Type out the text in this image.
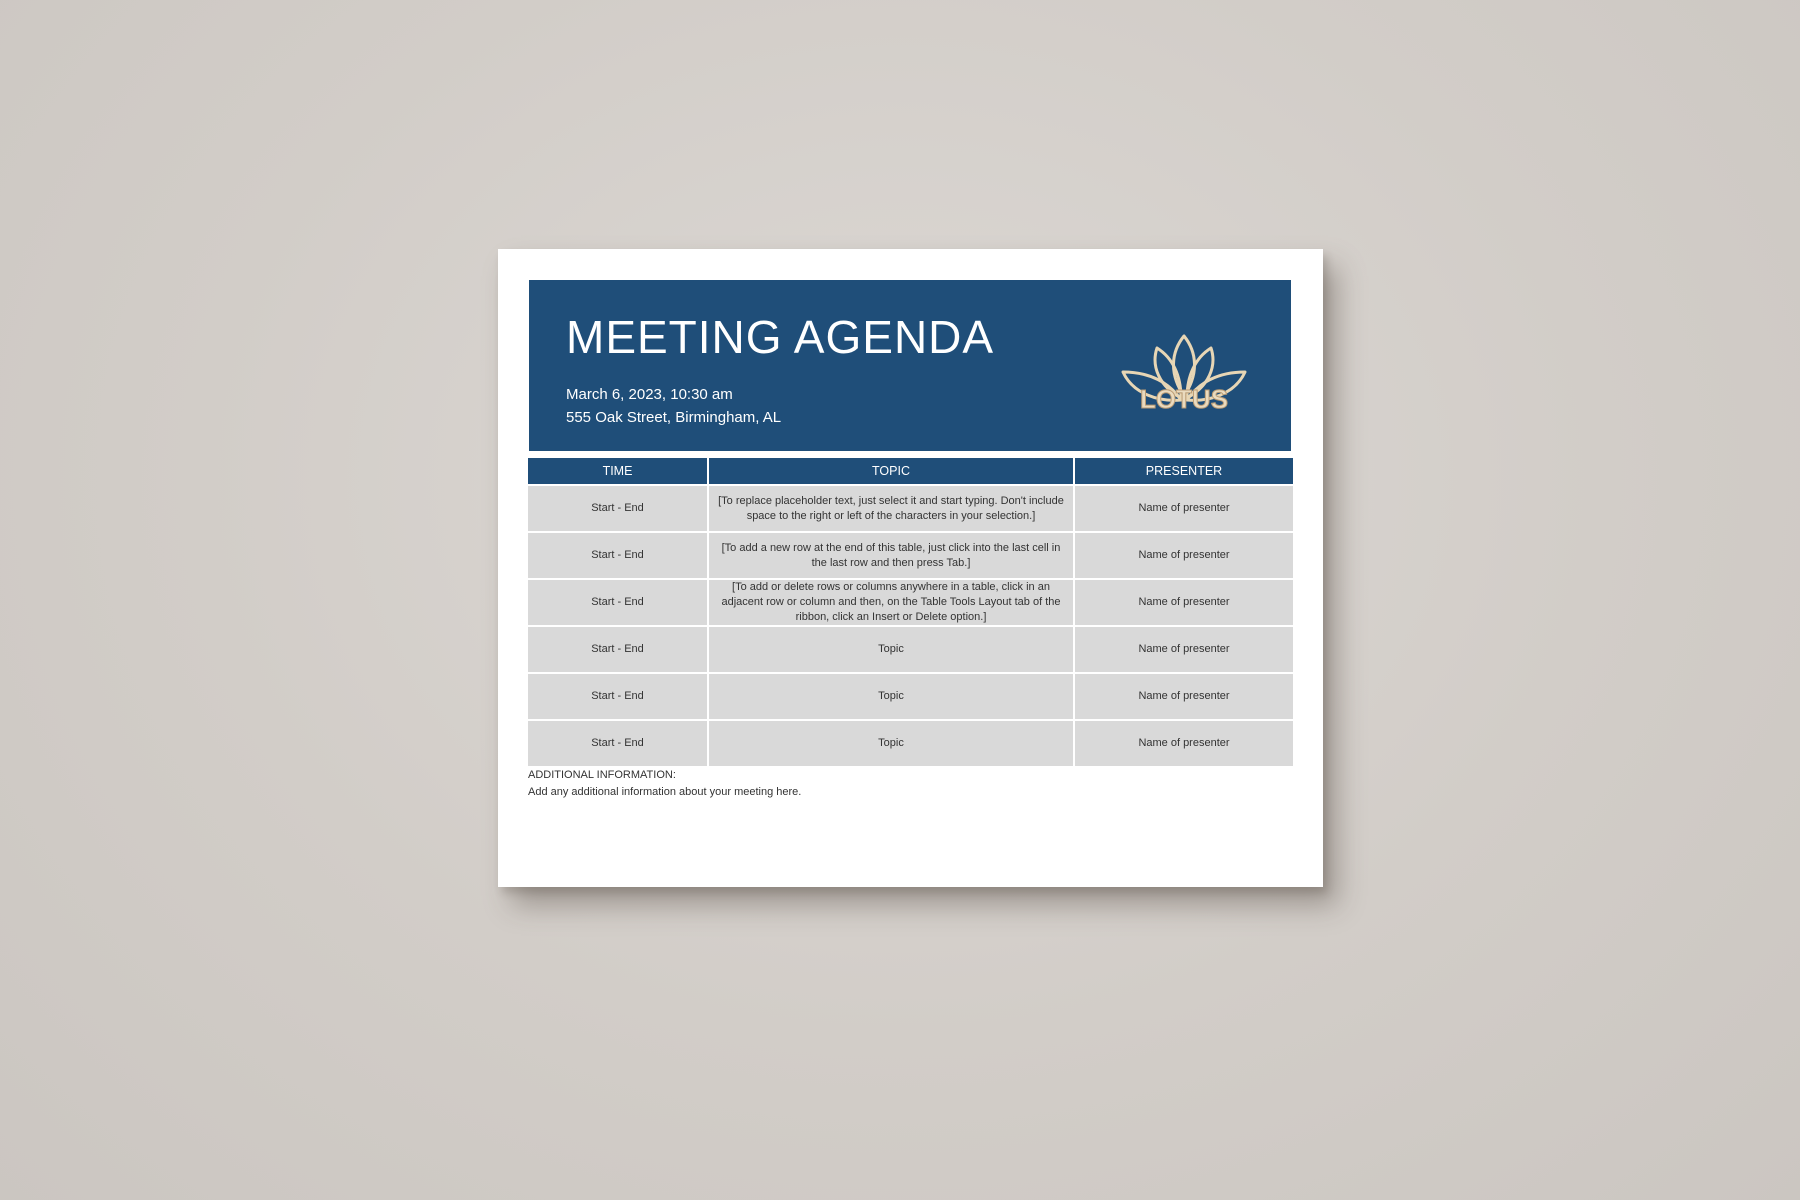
MEETING AGENDA
March 6, 2023, 10:30 am
555 Oak Street, Birmingham, AL
LOTUS
TIME	TOPIC	PRESENTER
Start - End	[To replace placeholder text, just select it and start typing. Don't include space to the right or left of the characters in your selection.]	Name of presenter
Start - End	[To add a new row at the end of this table, just click into the last cell in the last row and then press Tab.]	Name of presenter
Start - End	[To add or delete rows or columns anywhere in a table, click in an adjacent row or column and then, on the Table Tools Layout tab of the ribbon, click an Insert or Delete option.]	Name of presenter
Start - End	Topic	Name of presenter
Start - End	Topic	Name of presenter
Start - End	Topic	Name of presenter
ADDITIONAL INFORMATION:
Add any additional information about your meeting here.
